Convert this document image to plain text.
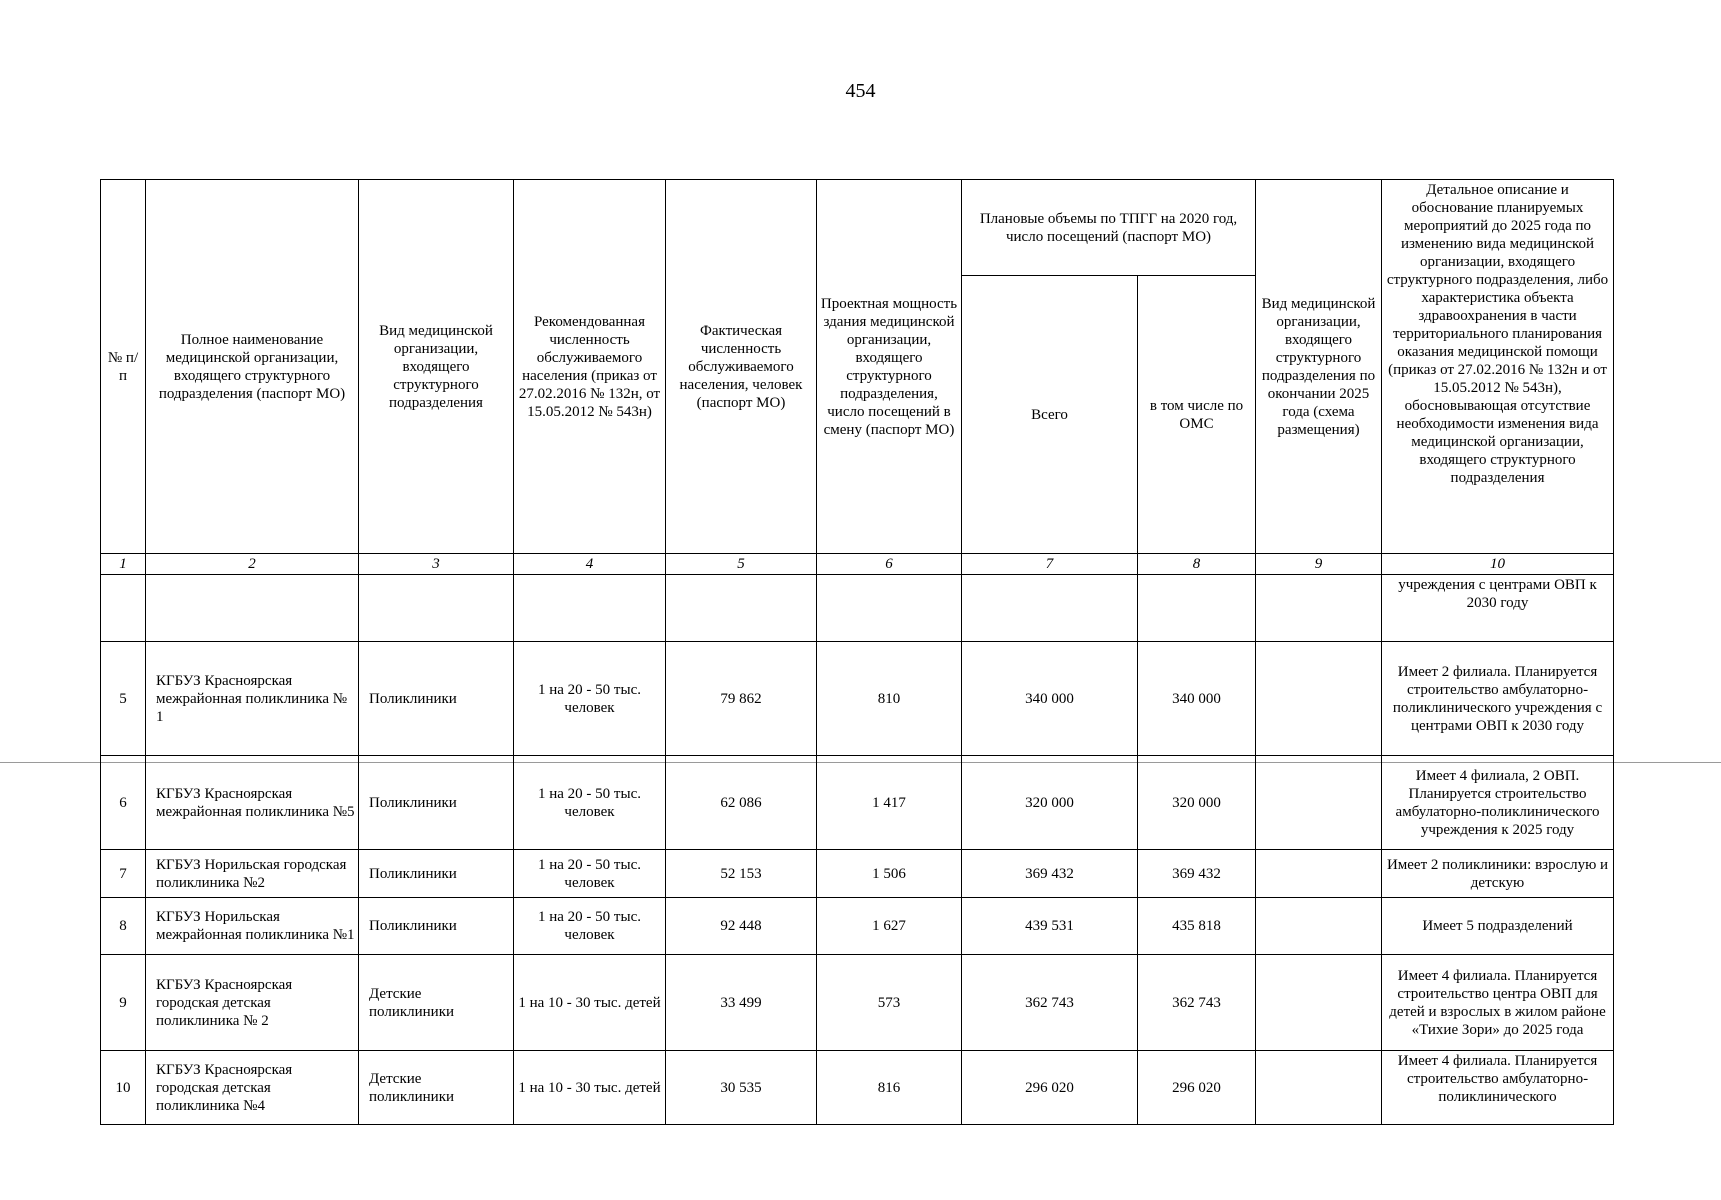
454
№ п/п	Полное наименование медицинской организации, входящего структурного подразделения (паспорт МО)	Вид медицинской организации, входящего структурного подразделения	Рекомендованная численность обслуживаемого населения (приказ от 27.02.2016 № 132н, от 15.05.2012 № 543н)	Фактическая численность обслуживаемого населения, человек (паспорт МО)	Проектная мощность здания медицинской организации, входящего структурного подразделения, число посещений в смену (паспорт МО)	Плановые объемы по ТПГГ на 2020 год, число посещений (паспорт МО)		Вид медицинской организации, входящего структурного подразделения по окончании 2025 года (схема размещения)	Детальное описание и обоснование планируемых мероприятий до 2025 года по изменению вида медицинской организации, входящего структурного подразделения, либо характеристика объекта здравоохранения в части территориального планирования оказания медицинской помощи (приказ от 27.02.2016 № 132н и от 15.05.2012 № 543н), обосновывающая отсутствие необходимости изменения вида медицинской организации, входящего структурного подразделения
						Всего	в том числе по ОМС		
1	2	3	4	5	6	7	8	9	10
									учреждения с центрами ОВП к 2030 году
5	КГБУЗ Красноярская межрайонная поликлиника № 1	Поликлиники	1 на 20 - 50 тыс. человек	79 862	810	340 000	340 000		Имеет 2 филиала. Планируется строительство амбулаторно-поликлинического учреждения с центрами ОВП к 2030 году
6	КГБУЗ Красноярская межрайонная поликлиника №5	Поликлиники	1 на 20 - 50 тыс. человек	62 086	1 417	320 000	320 000		Имеет 4 филиала, 2 ОВП. Планируется строительство амбулаторно-поликлинического учреждения к 2025 году
7	КГБУЗ Норильская городская поликлиника №2	Поликлиники	1 на 20 - 50 тыс. человек	52 153	1 506	369 432	369 432		Имеет 2 поликлиники: взрослую и детскую
8	КГБУЗ Норильская межрайонная поликлиника №1	Поликлиники	1 на 20 - 50 тыс. человек	92 448	1 627	439 531	435 818		Имеет 5 подразделений
9	КГБУЗ Красноярская городская детская поликлиника № 2	Детские поликлиники	1 на 10 - 30 тыс. детей	33 499	573	362 743	362 743		Имеет 4 филиала. Планируется строительство центра ОВП для детей и взрослых в жилом районе «Тихие Зори» до 2025 года
10	КГБУЗ Красноярская городская детская поликлиника №4	Детские поликлиники	1 на 10 - 30 тыс. детей	30 535	816	296 020	296 020		Имеет 4 филиала. Планируется строительство амбулаторно-поликлинического
